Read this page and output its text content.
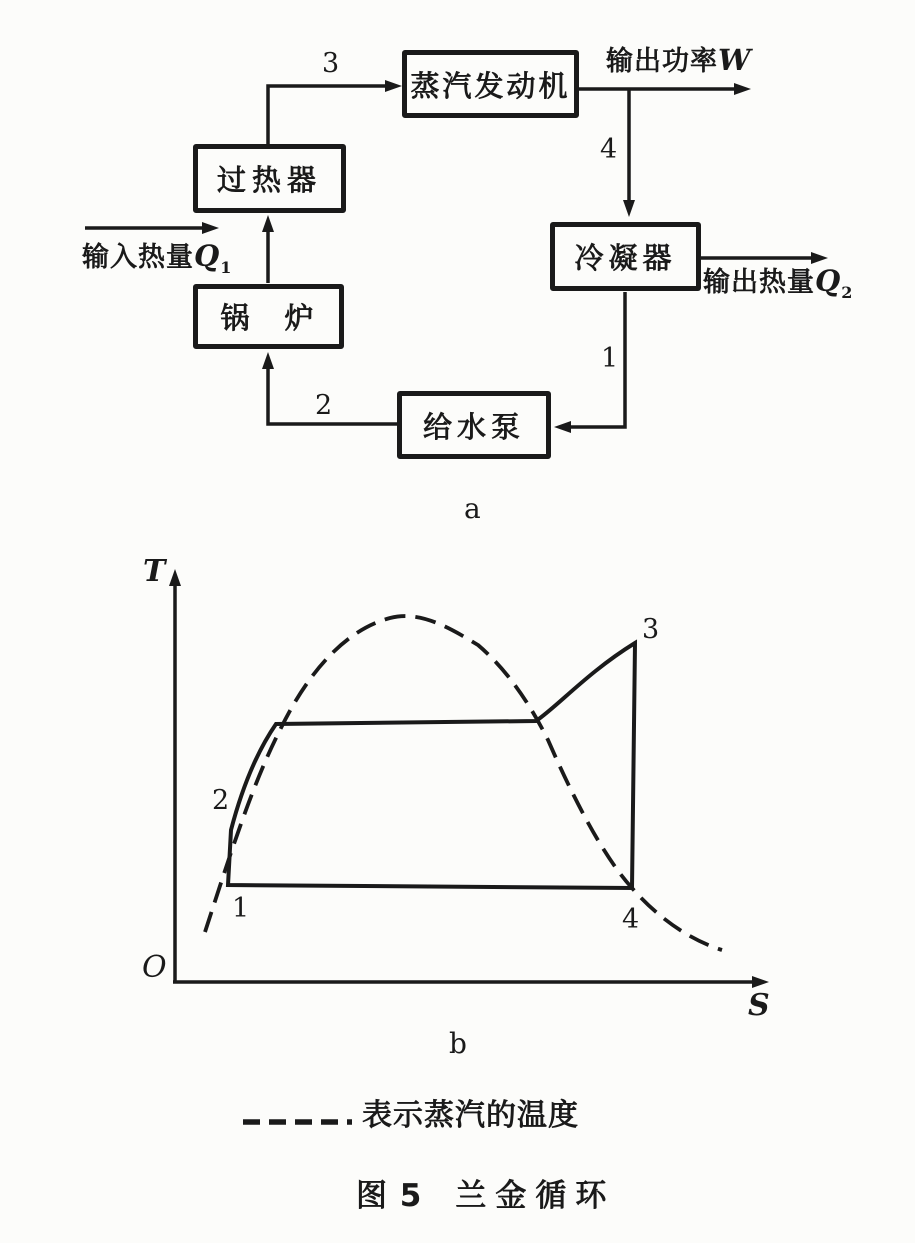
蒸汽发动机
过热器
锅　炉
冷凝器
给水泵
3
4
1
2
输出功率W
输入热量$Q_1$	输出热量$Q_2$
a
T
O
S
2
1
3
4
b
表示蒸汽的温度
图 5 兰金循环
